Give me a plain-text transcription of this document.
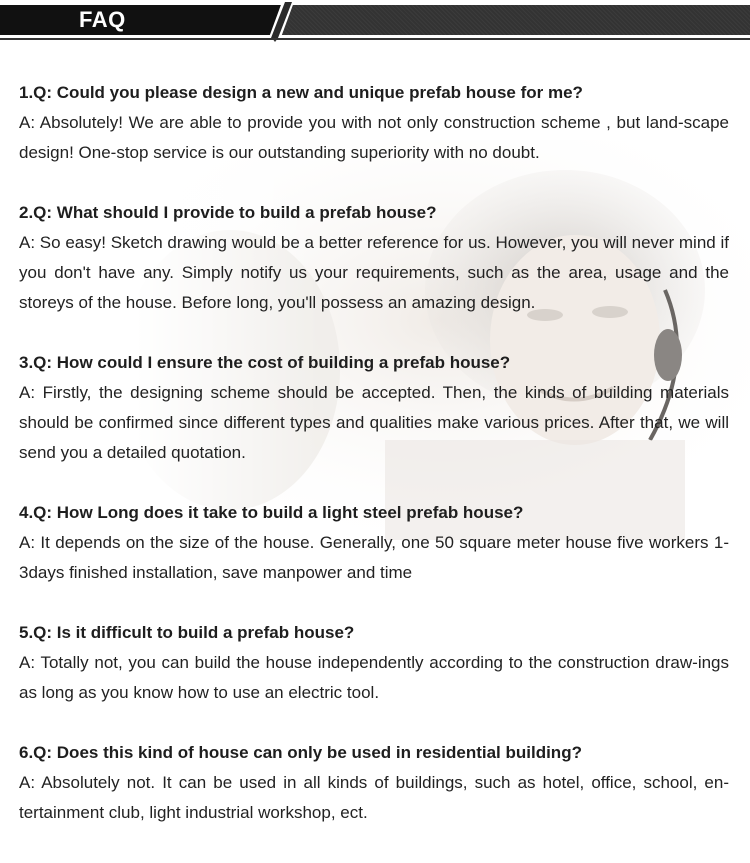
FAQ
1.Q: Could you please design a new and unique prefab house for me?
A: Absolutely! We are able to provide you with not only construction scheme , but land-scape design! One-stop service is our outstanding superiority with no doubt.
2.Q: What should I provide to build a prefab house?
A: So easy! Sketch drawing would be a better reference for us. However, you will never mind if you don't have any. Simply notify us your requirements, such as the area, usage and the storeys of the house. Before long, you'll possess an amazing design.
3.Q: How could I ensure the cost of building a prefab house?
A: Firstly, the designing scheme should be accepted. Then, the kinds of building materials should be confirmed since different types and qualities make various prices. After that, we will send you a detailed quotation.
4.Q: How Long does it take to build a light steel prefab house?
A: It depends on the size of the house. Generally, one 50 square meter house five workers 1-3days finished installation, save manpower and time
5.Q: Is it difficult to build a prefab house?
A: Totally not, you can build the house independently according to the construction draw-ings as long as you know how to use an electric tool.
6.Q: Does this kind of house can only be used in residential building?
A: Absolutely not. It can be used in all kinds of buildings, such as hotel, office, school, en-tertainment club, light industrial workshop, ect.
